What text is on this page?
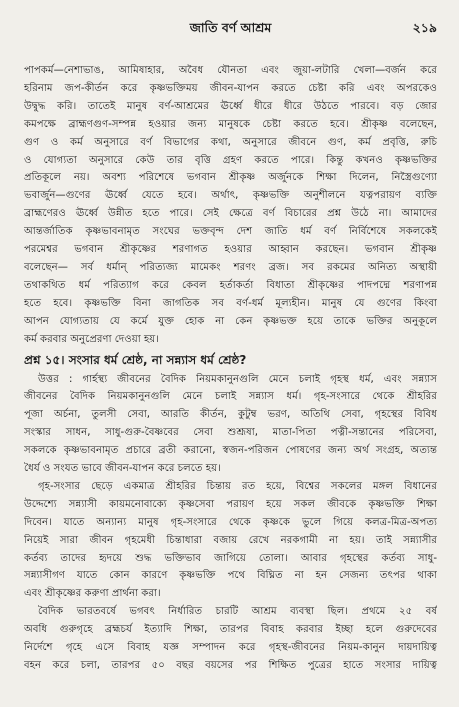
জাতি বর্ণ আশ্রম	২১৯
পাপকর্ম—নেশাভাঙ, আমিষাহার, অবৈধ যৌনতা এবং জুয়া-লটারি খেলা—বর্জন করে
হরিনাম জপ-কীর্তন করে কৃষ্ণভক্তিময় জীবন-যাপন করতে চেষ্টা করি এবং অপরকেও
উদ্বুদ্ধ করি। তাতেই মানুষ বর্ণ-আশ্রমের ঊর্ধ্বে ধীরে ধীরে উঠতে পারবে। বড় জোর
কমপক্ষে ব্রাহ্মণগুণ-সম্পন্ন হওয়ার জন্য মানুষকে চেষ্টা করতে হবে। শ্রীকৃষ্ণ বলেছেন,
গুণ ও কর্ম অনুসারে বর্ণ বিভাগের কথা, অনুসারে জীবনে গুণ, কর্ম প্রবৃত্তি, রুচি
ও যোগ্যতা অনুসারে কেউ তার বৃত্তি গ্রহণ করতে পারে। কিন্তু কখনও কৃষ্ণভক্তির
প্রতিকূলে নয়। অবশ্য পরিশেষে ভগবান শ্রীকৃষ্ণ অর্জুনকে শিক্ষা দিলেন, নিস্ত্রৈগুণ্যো
ভবার্জুন—গুণের ঊর্ধ্বে যেতে হবে। অর্থাৎ, কৃষ্ণভক্তি অনুশীলনে যত্নপরায়ণ ব্যক্তি
ব্রাহ্মণেরও ঊর্ধ্বে উন্নীত হতে পারে। সেই ক্ষেত্রে বর্ণ বিচারের প্রশ্ন উঠে না। আমাদের
আন্তর্জাতিক কৃষ্ণভাবনামৃত সংঘের ভক্তবৃন্দ দেশ জাতি ধর্ম বর্ণ নির্বিশেষে সকলকেই
পরমেশ্বর ভগবান শ্রীকৃষ্ণের শরণাগত হওয়ার আহ্বান করছেন। ভগবান শ্রীকৃষ্ণ
বলেছেন— সর্ব ধর্মান্ পরিত্যজ্য মামেকং শরণং ব্রজ। সব রকমের অনিত্য অস্থায়ী
তথাকথিত ধর্ম পরিত্যাগ করে কেবল হর্তাকর্তা বিধাতা শ্রীকৃষ্ণের পাদপদ্মে শরণাপন্ন
হতে হবে। কৃষ্ণভক্তি বিনা জাগতিক সব বর্ণ-ধর্ম মূল্যহীন। মানুষ যে গুণের কিংবা
আপন যোগ্যতায় যে কর্মে যুক্ত হোক না কেন কৃষ্ণভক্ত হয়ে তাকে ভক্তির অনুকূলে
কর্ম করবার অনুপ্রেরণা দেওয়া হয়।
প্রশ্ন ১৫। সংসার ধর্ম শ্রেষ্ঠ, না সন্ন্যাস ধর্ম শ্রেষ্ঠ?
উত্তর : গার্হস্থ্য জীবনের বৈদিক নিয়মকানুনগুলি মেনে চলাই গৃহস্থ ধর্ম, এবং সন্ন্যাস
জীবনের বৈদিক নিয়মকানুনগুলি মেনে চলাই সন্ন্যাস ধর্ম। গৃহ-সংসারে থেকে শ্রীহরির
পূজা অর্চনা, তুলসী সেবা, আরতি কীর্তন, কুটুম্ব ভরণ, অতিথি সেবা, গৃহস্থের বিবিধ
সংস্কার সাধন, সাধু-গুরু-বৈষ্ণবের সেবা শুশ্রূষা, মাতা-পিতা পত্নী-সন্তানের পরিসেবা,
সকলকে কৃষ্ণভাবনামৃত প্রচারে ব্রতী করানো, স্বজন-পরিজন পোষণের জন্য অর্থ সংগ্রহ, অত্যন্ত
ধৈর্য ও সংযত ভাবে জীবন-যাপন করে চলতে হয়।
গৃহ-সংসার ছেড়ে একমাত্র শ্রীহরির চিন্তায় রত হয়ে, বিশ্বের সকলের মঙ্গল বিধানের
উদ্দেশ্যে সন্ন্যাসী কায়মনোবাক্যে কৃষ্ণসেবা পরায়ণ হয়ে সকল জীবকে কৃষ্ণভক্তি শিক্ষা
দিবেন। যাতে অন্যান্য মানুষ গৃহ-সংসারে থেকে কৃষ্ণকে ভুলে গিয়ে কলত্র-মিত্র-অপত্য
নিয়েই সারা জীবন গৃহমেধী চিন্তাধারা বজায় রেখে নরকগামী না হয়। তাই সন্ন্যাসীর
কর্তব্য তাদের হৃদয়ে শুদ্ধ ভক্তিভাব জাগিয়ে তোলা। আবার গৃহস্থের কর্তব্য সাধু-
সন্ন্যাসীগণ যাতে কোন কারণে কৃষ্ণভক্তি পথে বিঘ্নিত না হন সেজন্য তৎপর থাকা
এবং শ্রীকৃষ্ণের করুণা প্রার্থনা করা।
বৈদিক ভারতবর্ষে ভগবৎ নির্ধারিত চারটি আশ্রম ব্যবস্থা ছিল। প্রথমে ২৫ বর্ষ
অবধি গুরুগৃহে ব্রহ্মচর্য ইত্যাদি শিক্ষা, তারপর বিবাহ করবার ইচ্ছা হলে গুরুদেবের
নির্দেশে গৃহে এসে বিবাহ যজ্ঞ সম্পাদন করে গৃহস্থ-জীবনের নিয়ম-কানুন দায়দায়িত্ব
বহন করে চলা, তারপর ৫০ বছর বয়সের পর শিক্ষিত পুত্রের হাতে সংসার দায়িত্ব
